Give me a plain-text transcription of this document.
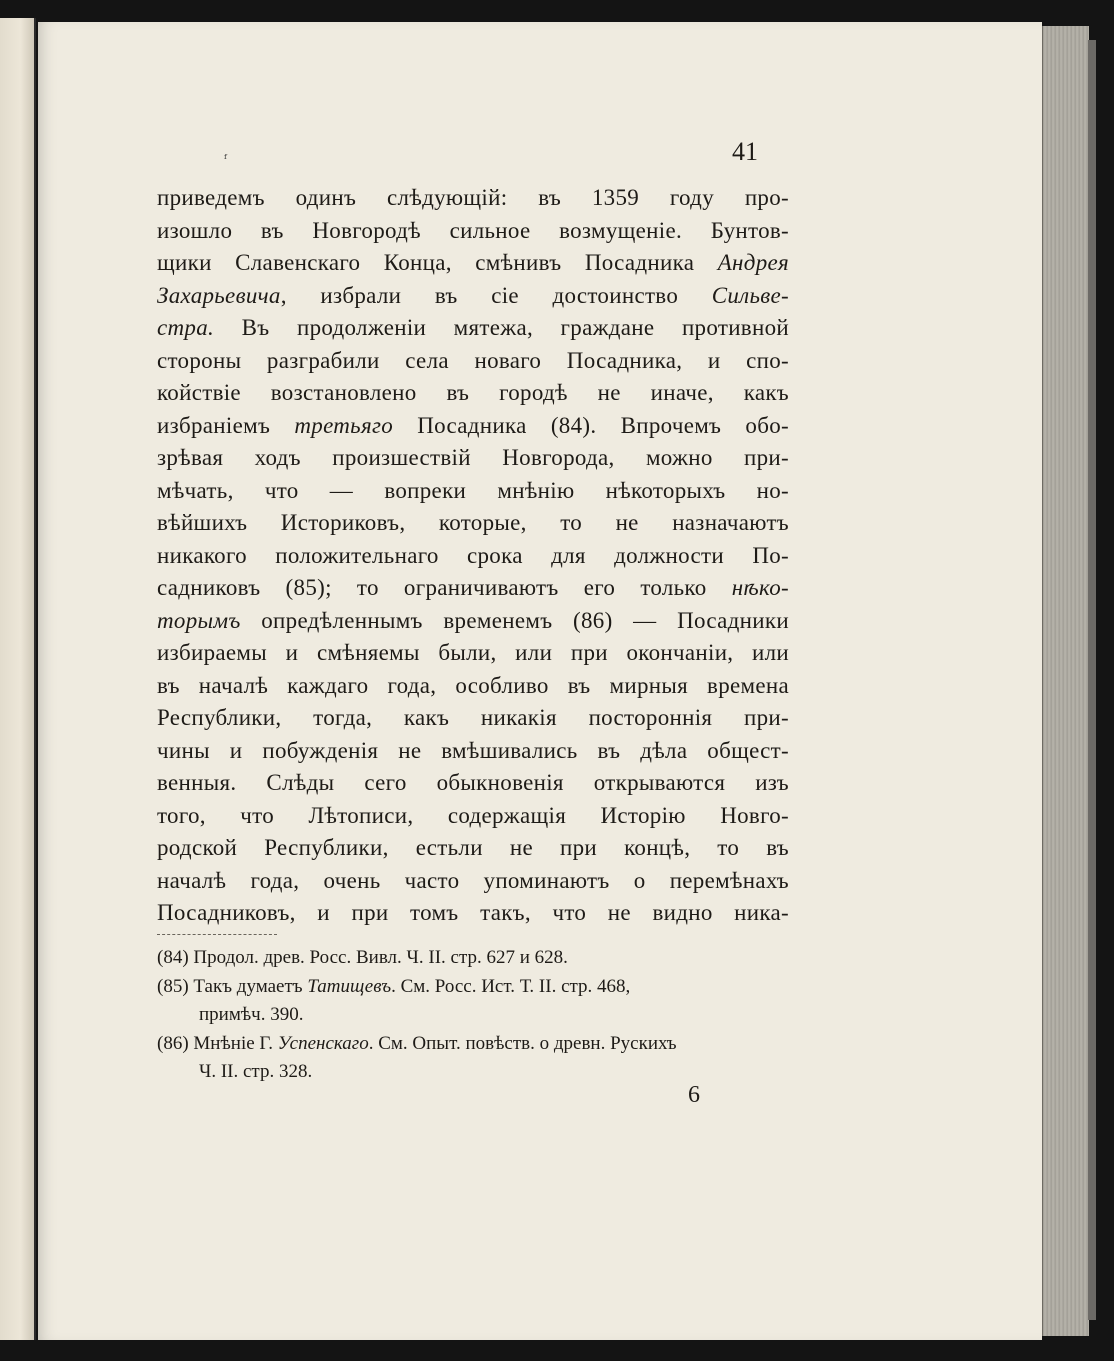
ᶠ	41
приведемъ одинъ слѣдующій: въ 1359 году про-
изошло въ Новгородѣ сильное возмущеніе. Бунтов-
щики Славенскаго Конца, смѣнивъ Посадника Андрея
Захарьевича, избрали въ сіе достоинство Сильве-
стра. Въ продолженіи мятежа, граждане противной
стороны разграбили села новаго Посадника, и спо-
койствіе возстановлено въ городѣ не иначе, какъ
избраніемъ третьяго Посадника (84). Впрочемъ обо-
зрѣвая ходъ произшествій Новгорода, можно при-
мѣчать, что — вопреки мнѣнію нѣкоторыхъ но-
вѣйшихъ Историковъ, которые, то не назначаютъ
никакого положительнаго срока для должности По-
садниковъ (85); то ограничиваютъ его только нѣко-
торымъ опредѣленнымъ временемъ (86) — Посадники
избираемы и смѣняемы были, или при окончаніи, или
въ началѣ каждаго года, особливо въ мирныя времена
Республики, тогда, какъ никакія постороннія при-
чины и побужденія не вмѣшивались въ дѣла общест-
венныя. Слѣды сего обыкновенія открываются изъ
того, что Лѣтописи, содержащія Исторію Новго-
родской Республики, естьли не при концѣ, то въ
началѣ года, очень часто упоминаютъ о перемѣнахъ
Посадниковъ, и при томъ такъ, что не видно ника-
(84) Продол. древ. Росс. Вивл. Ч. II. стр. 627 и 628.
(85) Такъ думаетъ Татищевъ. См. Росс. Ист. Т. II. стр. 468,
примѣч. 390.
(86) Мнѣніе Г. Успенскаго. См. Опыт. повѣств. о древн. Рускихъ
Ч. II. стр. 328.
6
